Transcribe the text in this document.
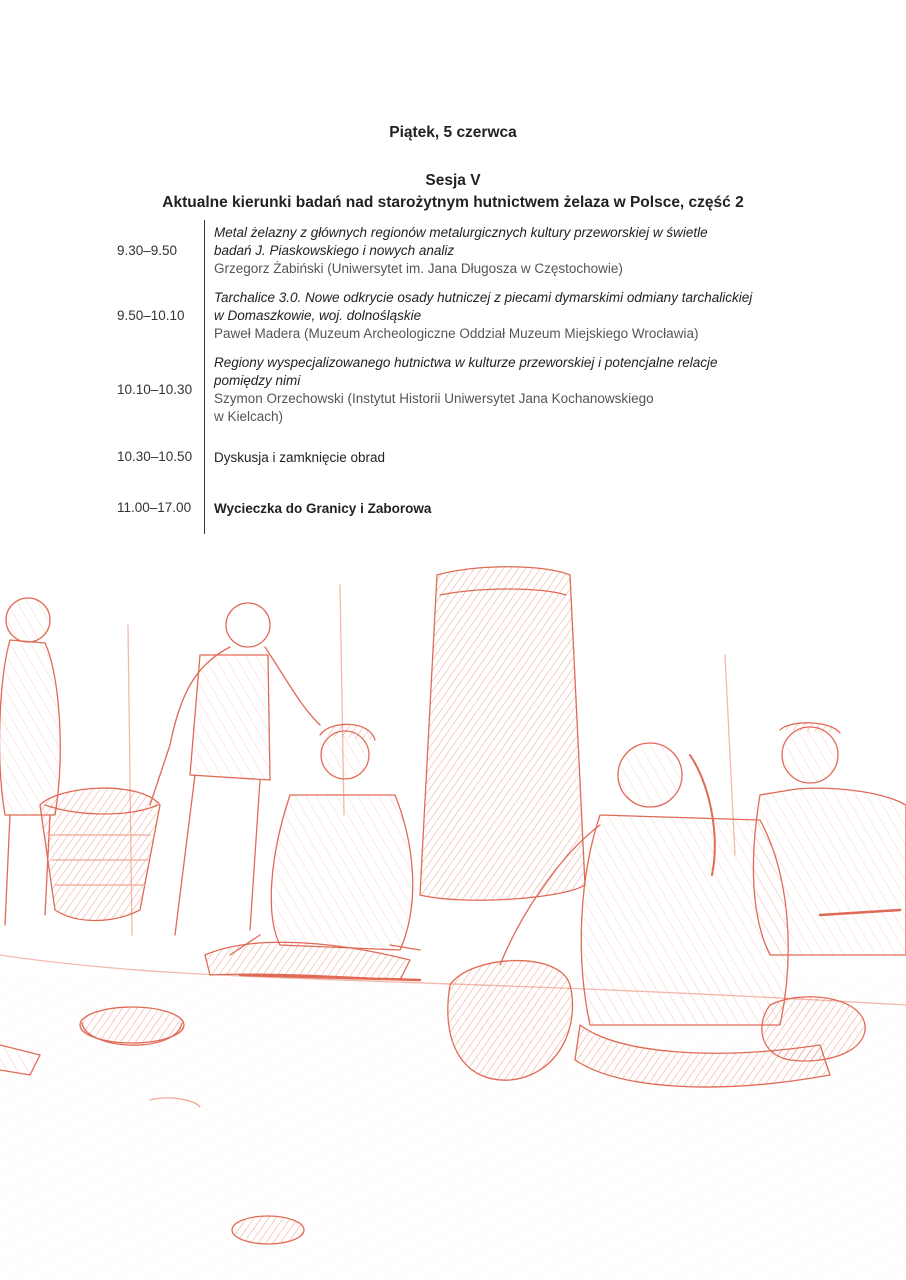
Piątek, 5 czerwca
Sesja V
Aktualne kierunki badań nad starożytnym hutnictwem żelaza w Polsce, część 2
9.30–9.50
Metal żelazny z głównych regionów metalurgicznych kultury przeworskiej w świetle
badań J. Piaskowskiego i nowych analiz
Grzegorz Żabiński (Uniwersytet im. Jana Długosza w Częstochowie)
9.50–10.10
Tarchalice 3.0. Nowe odkrycie osady hutniczej z piecami dymarskimi odmiany tarchalickiej
w Domaszkowie, woj. dolnośląskie
Paweł Madera (Muzeum Archeologiczne Oddział Muzeum Miejskiego Wrocławia)
10.10–10.30
Regiony wyspecjalizowanego hutnictwa w kulturze przeworskiej i potencjalne relacje
pomiędzy nimi
Szymon Orzechowski (Instytut Historii Uniwersytet Jana Kochanowskiego
w Kielcach)
10.30–10.50	Dyskusja i zamknięcie obrad
11.00–17.00	Wycieczka do Granicy i Zaborowa
